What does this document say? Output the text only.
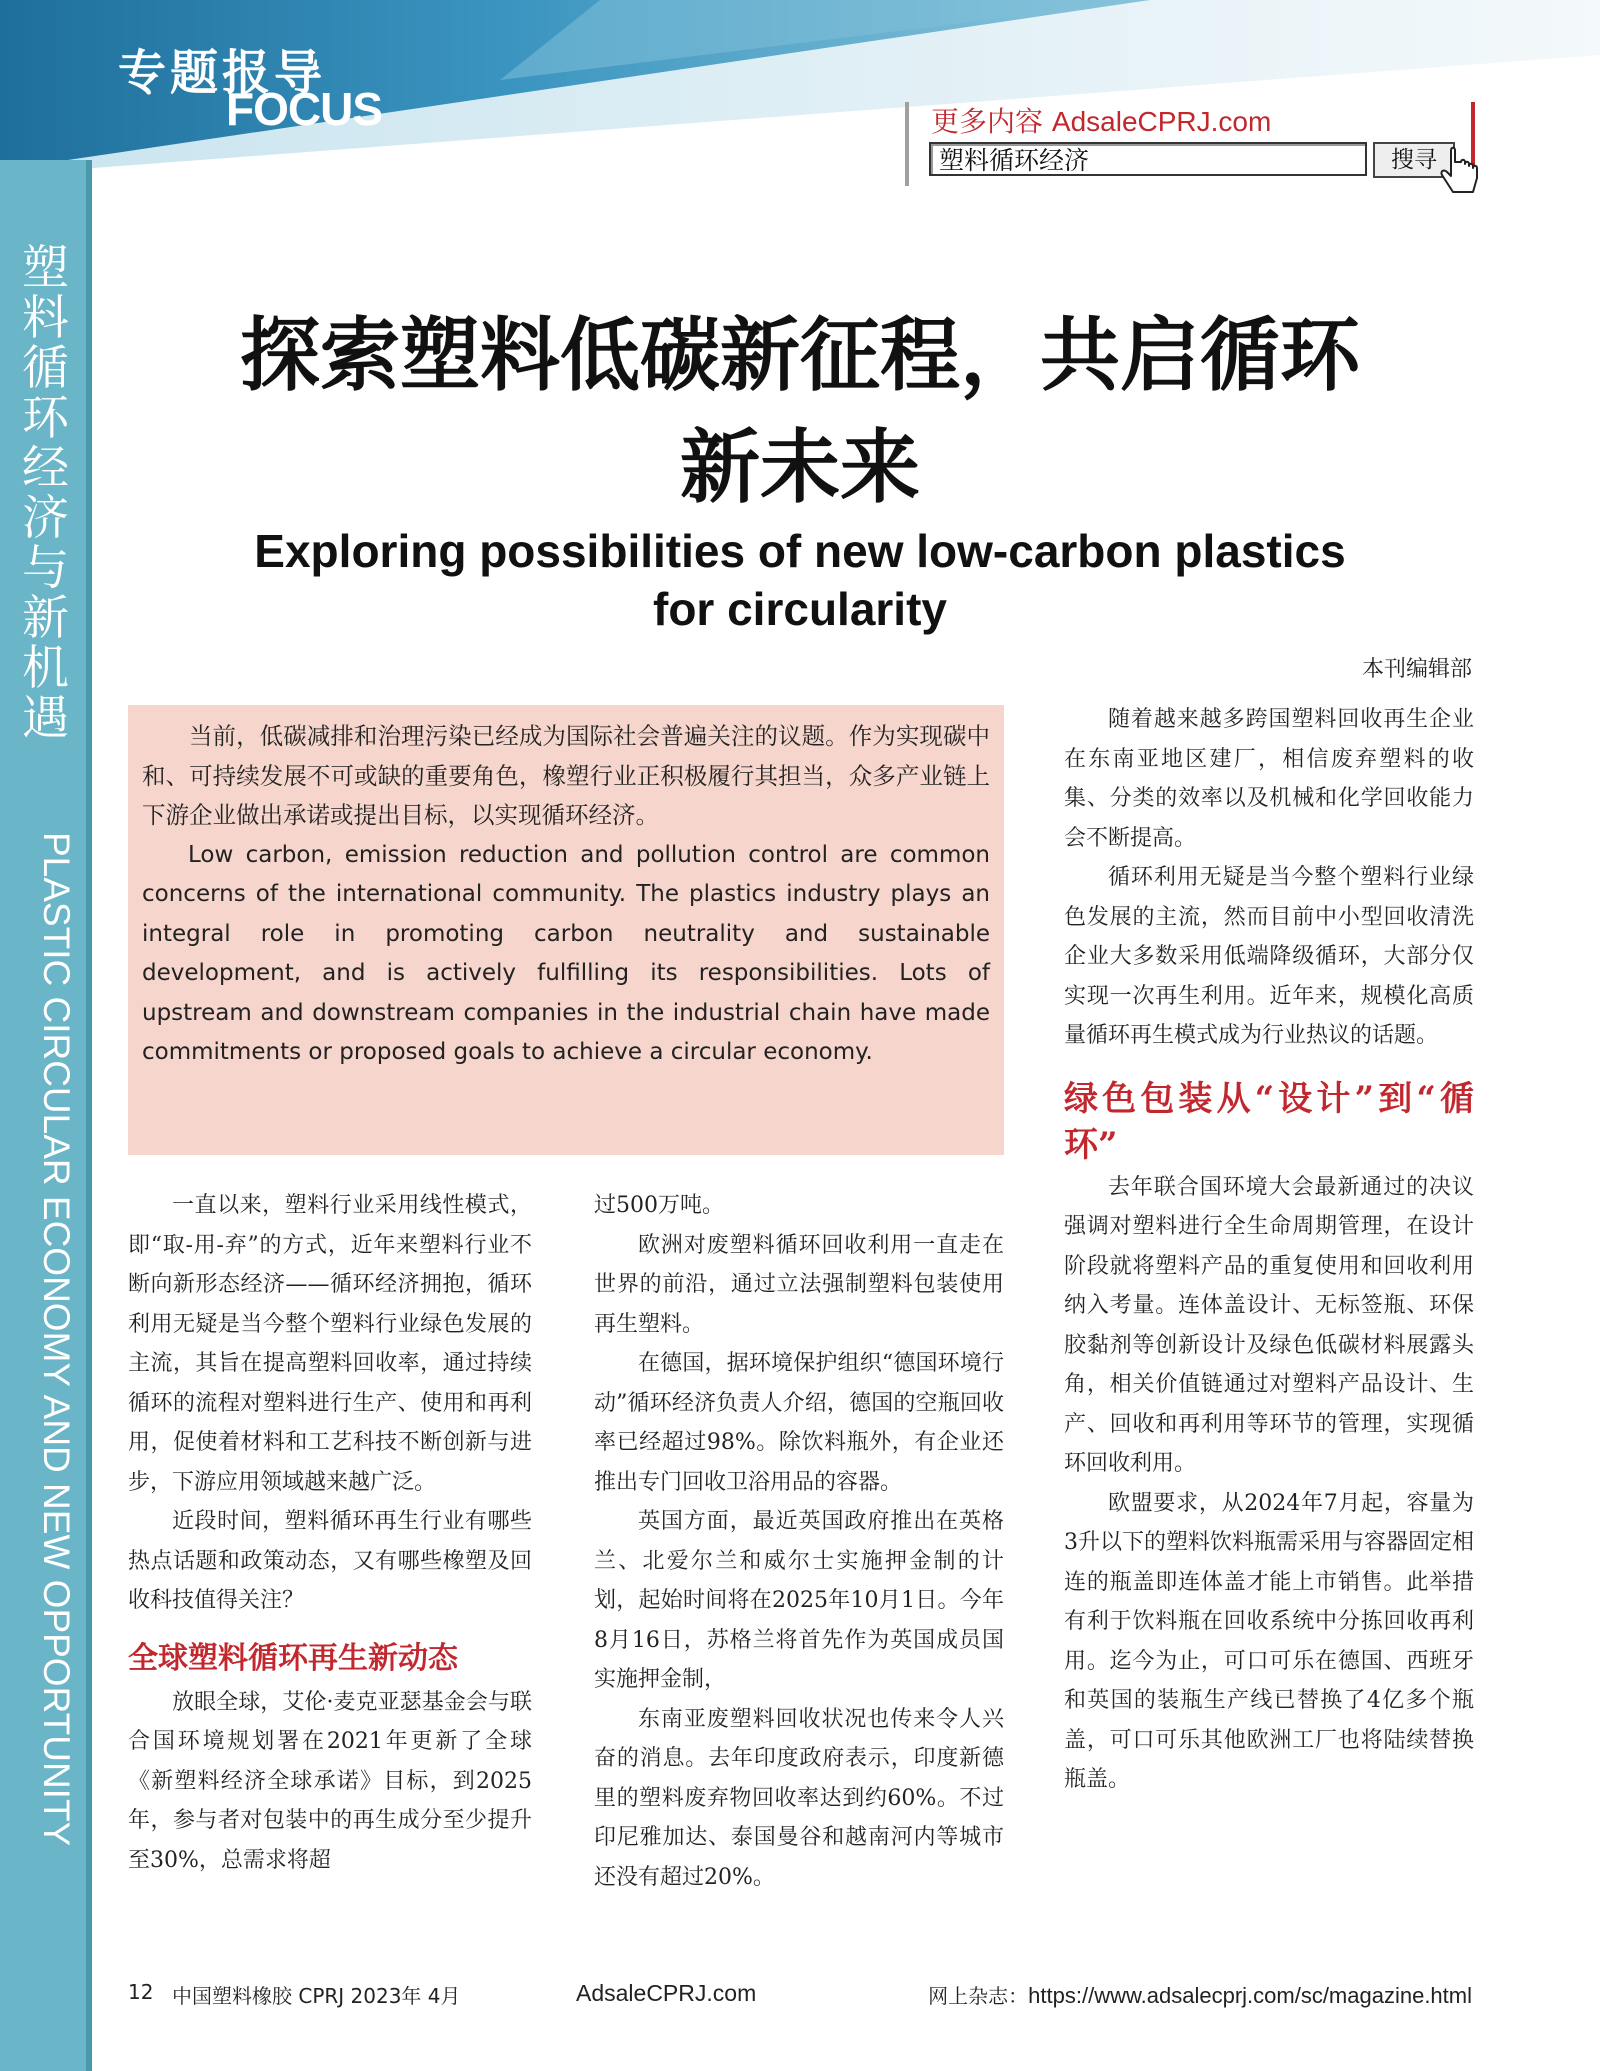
专题报导
FOCUS	更多内容 AdsaleCPRJ.com
塑料循环经济	搜寻
塑料循环经济与新机遇
PLASTIC CIRCULAR ECONOMY AND NEW OPPORTUNITY
探索塑料低碳新征程，共启循环
新未来
Exploring possibilities of new low-carbon plastics
for circularity
本刊编辑部

当前，低碳减排和治理污染已经成为国际社会普遍关注的议题。作为实现碳中和、可持续发展不可或缺的重要角色，橡塑行业正积极履行其担当，众多产业链上下游企业做出承诺或提出目标，以实现循环经济。

Low carbon, emission reduction and pollution control are common concerns of the international community. The plastics industry plays an integral role in promoting carbon neutrality and sustainable development, and is actively fulfilling its responsibilities. Lots of upstream and downstream companies in the industrial chain have made commitments or proposed goals to achieve a circular economy.

一直以来，塑料行业采用线性模式，即“取-用-弃”的方式，近年来塑料行业不断向新形态经济——循环经济拥抱，循环利用无疑是当今整个塑料行业绿色发展的主流，其旨在提高塑料回收率，通过持续循环的流程对塑料进行生产、使用和再利用，促使着材料和工艺科技不断创新与进步，下游应用领域越来越广泛。

近段时间，塑料循环再生行业有哪些热点话题和政策动态，又有哪些橡塑及回收科技值得关注？

全球塑料循环再生新动态

放眼全球，艾伦·麦克亚瑟基金会与联合国环境规划署在2021年更新了全球《新塑料经济全球承诺》目标，到2025年，参与者对包装中的再生成分至少提升至30%，总需求将超

过500万吨。

欧洲对废塑料循环回收利用一直走在世界的前沿，通过立法强制塑料包装使用再生塑料。

在德国，据环境保护组织“德国环境行动”循环经济负责人介绍，德国的空瓶回收率已经超过98%。除饮料瓶外，有企业还推出专门回收卫浴用品的容器。

英国方面，最近英国政府推出在英格兰、北爱尔兰和威尔士实施押金制的计划，起始时间将在2025年10月1日。今年8月16日，苏格兰将首先作为英国成员国实施押金制，

东南亚废塑料回收状况也传来令人兴奋的消息。去年印度政府表示，印度新德里的塑料废弃物回收率达到约60%。不过印尼雅加达、泰国曼谷和越南河内等城市还没有超过20%。

随着越来越多跨国塑料回收再生企业在东南亚地区建厂，相信废弃塑料的收集、分类的效率以及机械和化学回收能力会不断提高。

循环利用无疑是当今整个塑料行业绿色发展的主流，然而目前中小型回收清洗企业大多数采用低端降级循环，大部分仅实现一次再生利用。近年来，规模化高质量循环再生模式成为行业热议的话题。

绿色包装从“设计”到“循环”

去年联合国环境大会最新通过的决议强调对塑料进行全生命周期管理，在设计阶段就将塑料产品的重复使用和回收利用纳入考量。连体盖设计、无标签瓶、环保胶黏剂等创新设计及绿色低碳材料展露头角，相关价值链通过对塑料产品设计、生产、回收和再利用等环节的管理，实现循环回收利用。

欧盟要求，从2024年7月起，容量为3升以下的塑料饮料瓶需采用与容器固定相连的瓶盖即连体盖才能上市销售。此举措有利于饮料瓶在回收系统中分拣回收再利用。迄今为止，可口可乐在德国、西班牙和英国的装瓶生产线已替换了4亿多个瓶盖，可口可乐其他欧洲工厂也将陆续替换瓶盖。

12 中国塑料橡胶 CPRJ 2023年 4月	AdsaleCPRJ.com	网上杂志：https://www.adsalecprj.com/sc/magazine.html
